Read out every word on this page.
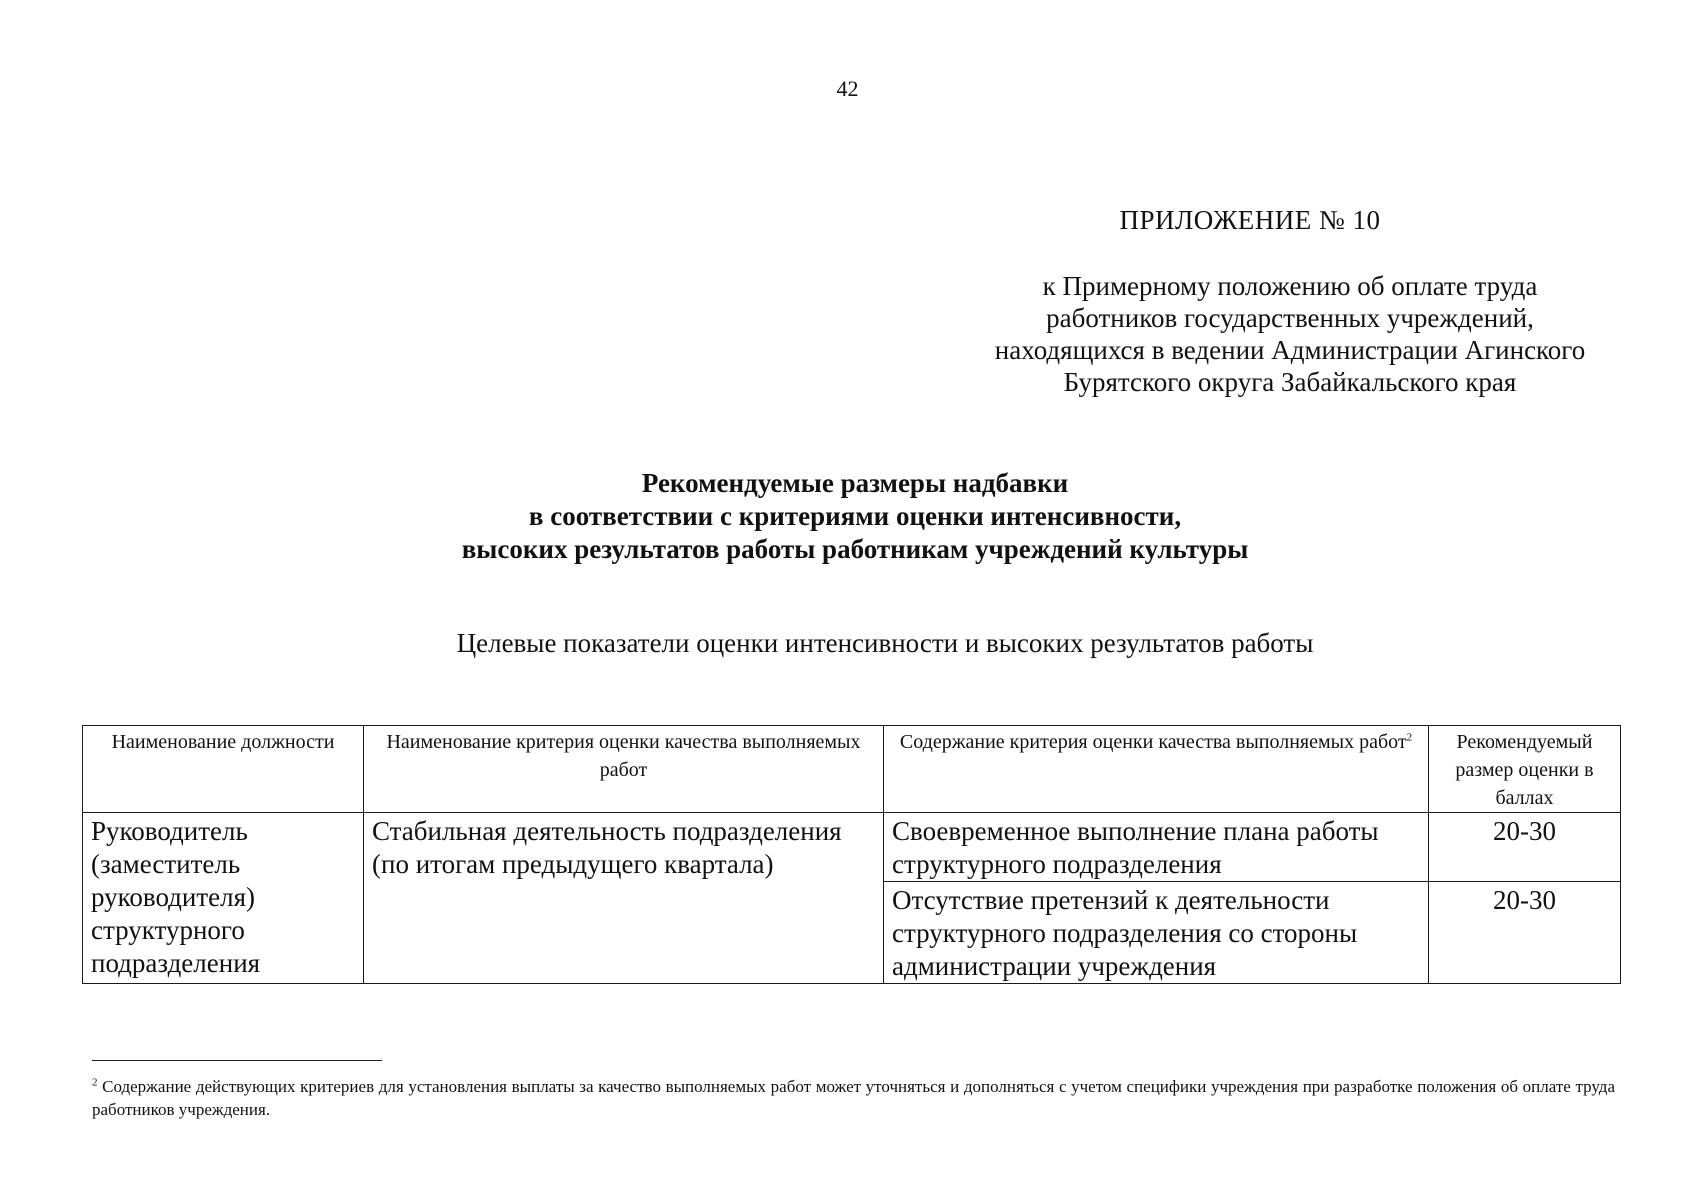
42
ПРИЛОЖЕНИЕ № 10
к Примерному положению об оплате труда
работников государственных учреждений,
находящихся в ведении Администрации Агинского
Бурятского округа Забайкальского края
Рекомендуемые размеры надбавки
в соответствии с критериями оценки интенсивности,
высоких результатов работы работникам учреждений культуры
Целевые показатели оценки интенсивности и высоких результатов работы
Наименование должности	Наименование критерия оценки качества выполняемых работ	Содержание критерия оценки качества выполняемых работ$^2$	Рекомендуемый размер оценки в баллах
Руководитель (заместитель руководителя) структурного подразделения	Стабильная деятельность подразделения (по итогам предыдущего квартала)	Своевременное выполнение плана работы структурного подразделения	20-30
		Отсутствие претензий к деятельности структурного подразделения со стороны администрации учреждения	20-30
$^2$ Содержание действующих критериев для установления выплаты за качество выполняемых работ может уточняться и дополняться с учетом специфики учреждения при разработке положения об оплате труда работников учреждения.
